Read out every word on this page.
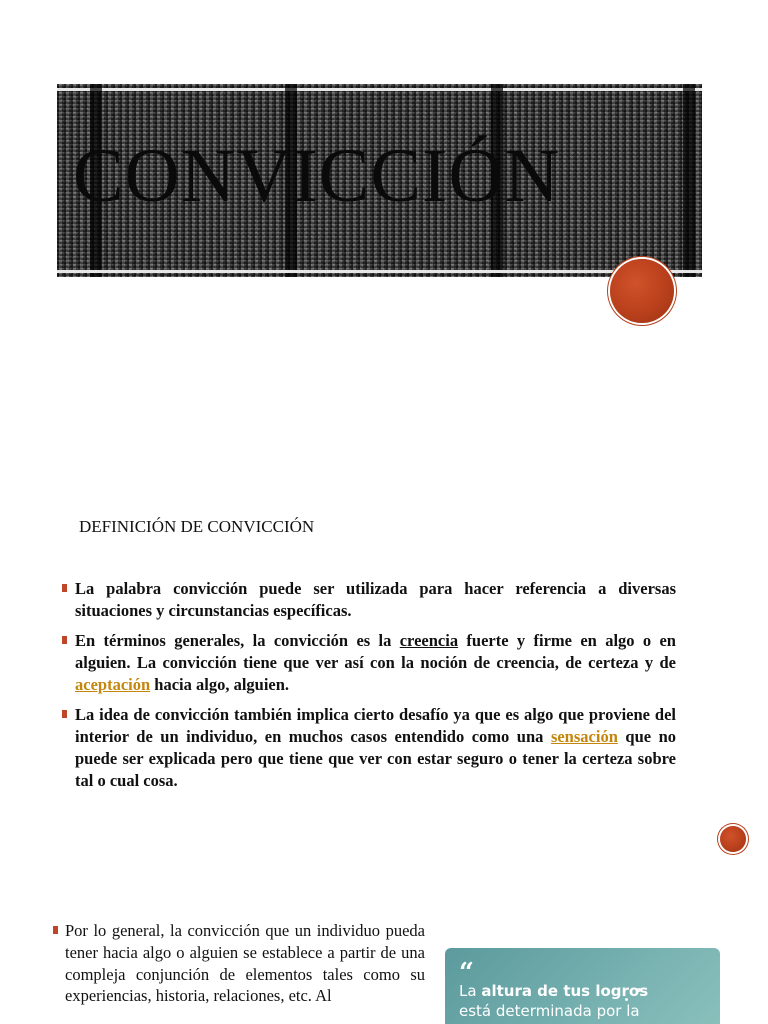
CONVICCIÓN
DEFINICIÓN DE CONVICCIÓN
La palabra convicción puede ser utilizada para hacer referencia a diversas situaciones y circunstancias específicas.
En términos generales, la convicción es la creencia fuerte y firme en algo o en alguien. La convicción tiene que ver así con la noción de creencia, de certeza y de aceptación hacia algo, alguien.
La idea de convicción también implica cierto desafío ya que es algo que proviene del interior de un individuo, en muchos casos entendido como una sensación que no puede ser explicada pero que tiene que ver con estar seguro o tener la certeza sobre tal o cual cosa.

Por lo general, la convicción que un individuo pueda tener hacia algo o alguien se establece a partir de una compleja conjunción de elementos tales como su experiencias, historia, relaciones, etc. Al

“
La altura de tus logros
está determinada por la
